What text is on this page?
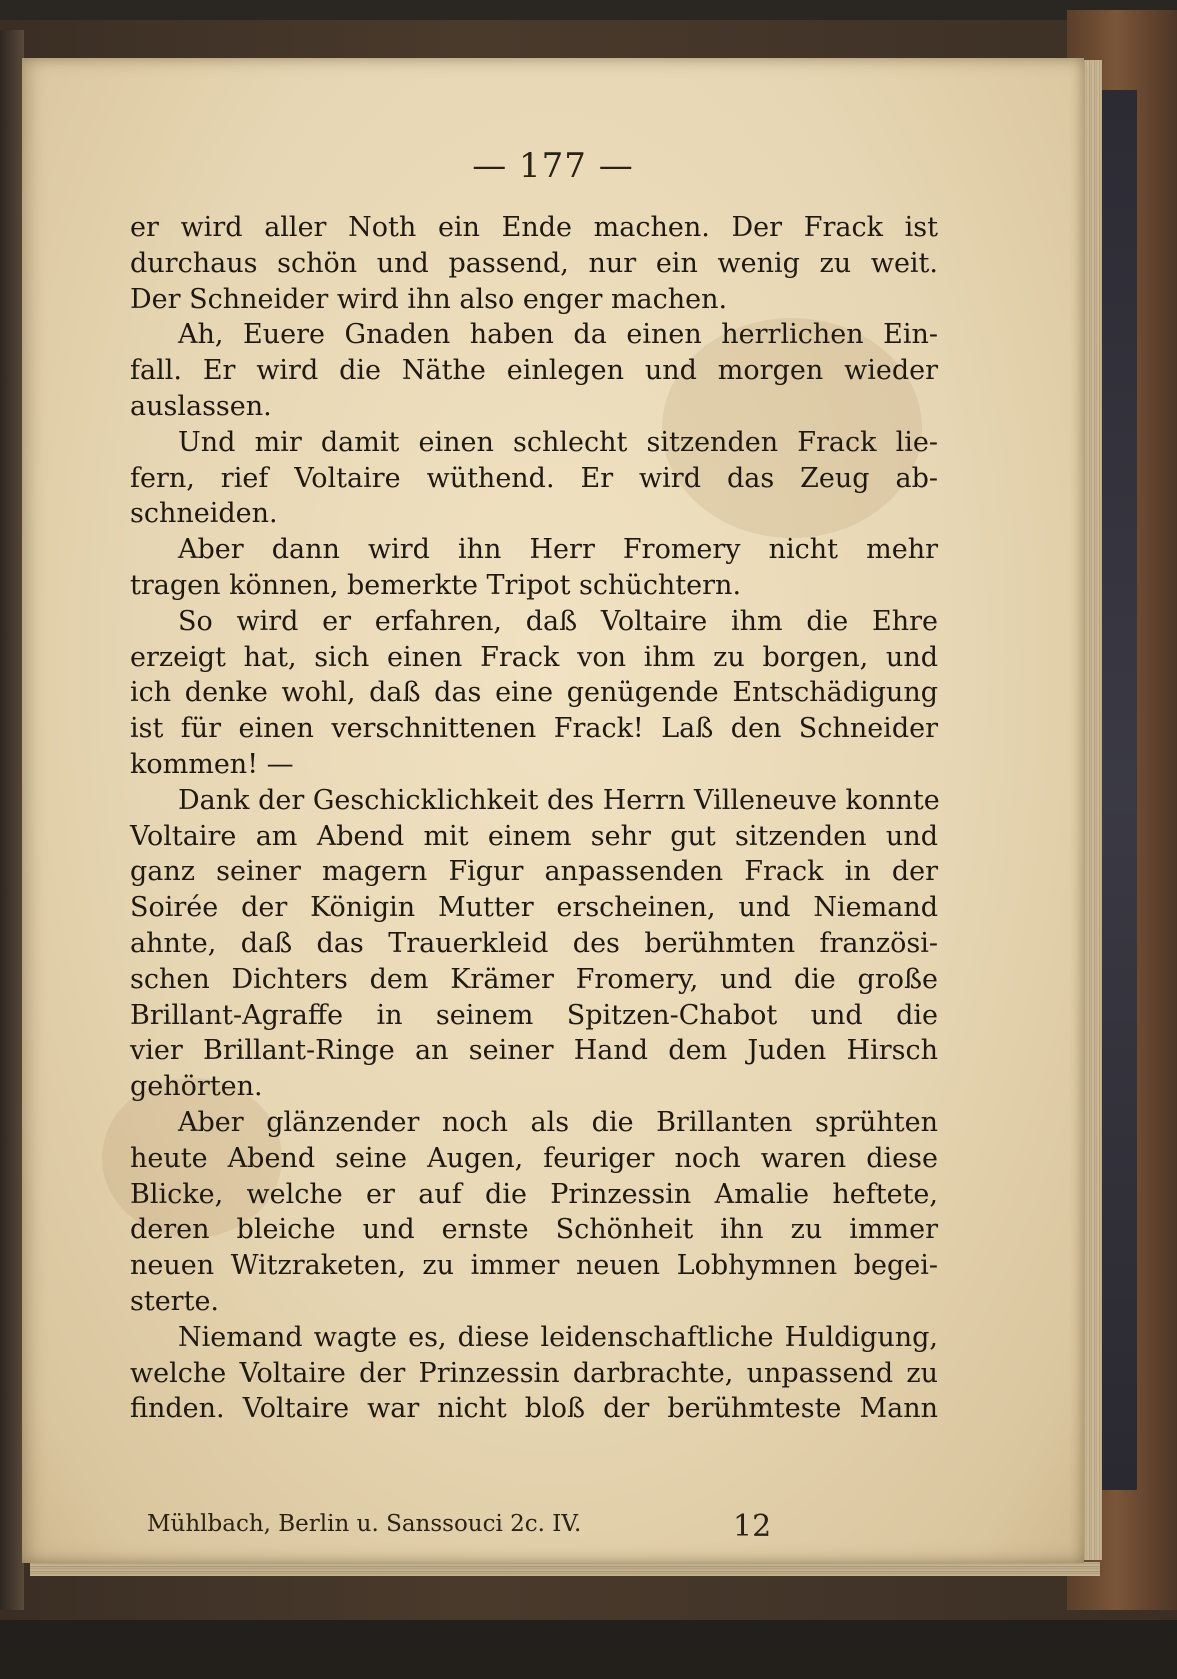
— 177 —
er wird aller Noth ein Ende machen. Der Frack ist
durchaus schön und passend, nur ein wenig zu weit.
Der Schneider wird ihn also enger machen.
Ah, Euere Gnaden haben da einen herrlichen Ein-
fall. Er wird die Näthe einlegen und morgen wieder
auslassen.
Und mir damit einen schlecht sitzenden Frack lie-
fern, rief Voltaire wüthend. Er wird das Zeug ab-
schneiden.
Aber dann wird ihn Herr Fromery nicht mehr
tragen können, bemerkte Tripot schüchtern.
So wird er erfahren, daß Voltaire ihm die Ehre
erzeigt hat, sich einen Frack von ihm zu borgen, und
ich denke wohl, daß das eine genügende Entschädigung
ist für einen verschnittenen Frack! Laß den Schneider
kommen! —
Dank der Geschicklichkeit des Herrn Villeneuve konnte
Voltaire am Abend mit einem sehr gut sitzenden und
ganz seiner magern Figur anpassenden Frack in der
Soirée der Königin Mutter erscheinen, und Niemand
ahnte, daß das Trauerkleid des berühmten französi-
schen Dichters dem Krämer Fromery, und die große
Brillant-Agraffe in seinem Spitzen-Chabot und die
vier Brillant-Ringe an seiner Hand dem Juden Hirsch
gehörten.
Aber glänzender noch als die Brillanten sprühten
heute Abend seine Augen, feuriger noch waren diese
Blicke, welche er auf die Prinzessin Amalie heftete,
deren bleiche und ernste Schönheit ihn zu immer
neuen Witzraketen, zu immer neuen Lobhymnen begei-
sterte.
Niemand wagte es, diese leidenschaftliche Huldigung,
welche Voltaire der Prinzessin darbrachte, unpassend zu
finden. Voltaire war nicht bloß der berühmteste Mann
Mühlbach, Berlin u. Sanssouci 2c. IV.	12
